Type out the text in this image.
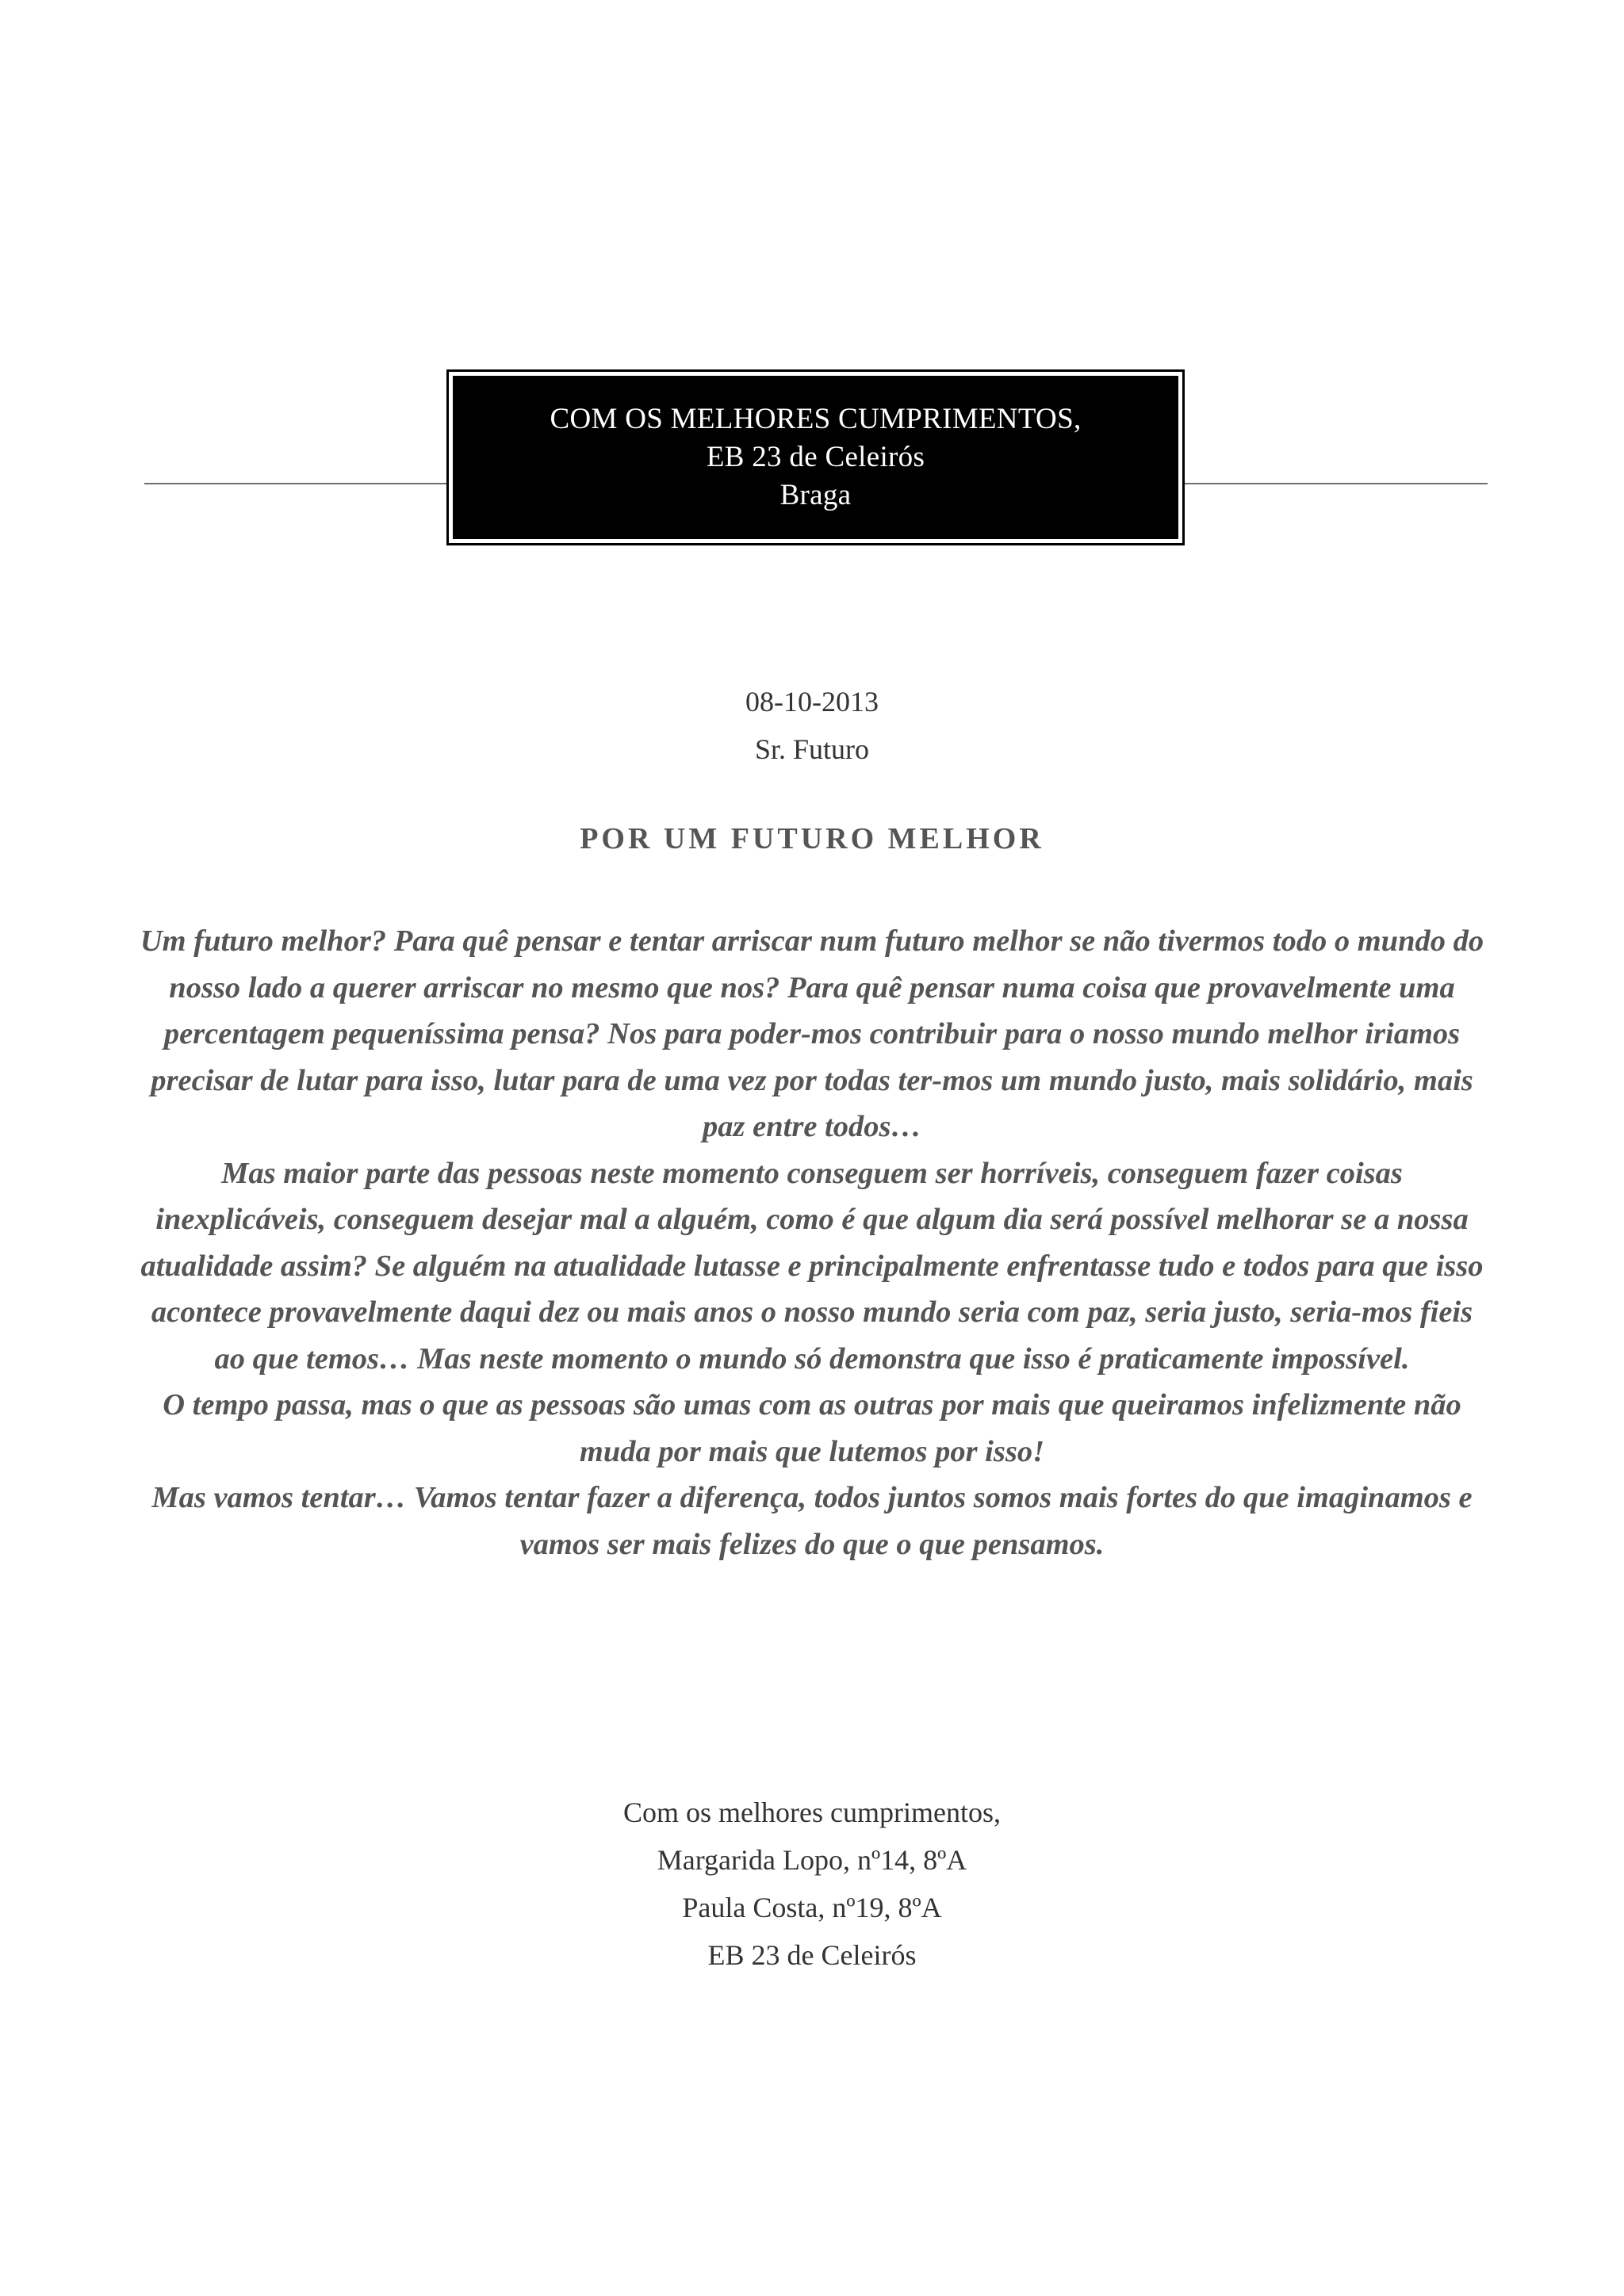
COM OS MELHORES CUMPRIMENTOS,
EB 23 de Celeirós
Braga
08-10-2013
Sr. Futuro
POR UM FUTURO MELHOR

Um futuro melhor? Para quê pensar e tentar arriscar num futuro melhor se não tivermos todo o mundo do nosso lado a querer arriscar no mesmo que nos? Para quê pensar numa coisa que provavelmente uma percentagem pequeníssima pensa? Nos para poder-mos contribuir para o nosso mundo melhor iriamos precisar de lutar para isso, lutar para de uma vez por todas ter-mos um mundo justo, mais solidário, mais paz entre todos…

Mas maior parte das pessoas neste momento conseguem ser horríveis, conseguem fazer coisas inexplicáveis, conseguem desejar mal a alguém, como é que algum dia será possível melhorar se a nossa atualidade assim? Se alguém na atualidade lutasse e principalmente enfrentasse tudo e todos para que isso acontece provavelmente daqui dez ou mais anos o nosso mundo seria com paz, seria justo, seria-mos fieis ao que temos… Mas neste momento o mundo só demonstra que isso é praticamente impossível.

O tempo passa, mas o que as pessoas são umas com as outras por mais que queiramos infelizmente não muda por mais que lutemos por isso!

Mas vamos tentar… Vamos tentar fazer a diferença, todos juntos somos mais fortes do que imaginamos e vamos ser mais felizes do que o que pensamos.

Com os melhores cumprimentos,
Margarida Lopo, nº14, 8ºA
Paula Costa, nº19, 8ºA
EB 23 de Celeirós
